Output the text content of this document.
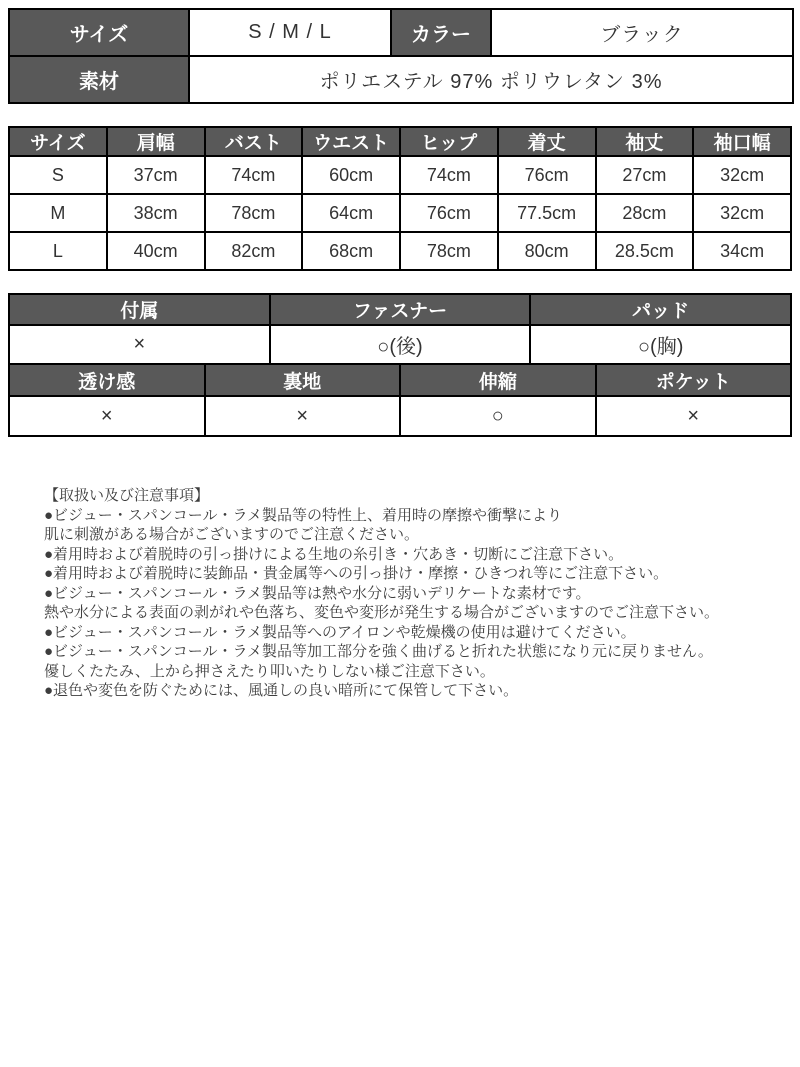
サイズ	S / M / L	カラー	ブラック
素材	ポリエステル 97% ポリウレタン 3%		
サイズ	肩幅	バスト	ウエスト	ヒップ	着丈	袖丈	袖口幅
S	37cm	74cm	60cm	74cm	76cm	27cm	32cm
M	38cm	78cm	64cm	76cm	77.5cm	28cm	32cm
L	40cm	82cm	68cm	78cm	80cm	28.5cm	34cm
付属	ファスナー	パッド
×	○(後)	○(胸)
透け感	裏地	伸縮	ポケット
×	×	○	×
【取扱い及び注意事項】
●ビジュー・スパンコール・ラメ製品等の特性上、着用時の摩擦や衝撃により
肌に刺激がある場合がございますのでご注意ください。
●着用時および着脱時の引っ掛けによる生地の糸引き・穴あき・切断にご注意下さい。
●着用時および着脱時に装飾品・貴金属等への引っ掛け・摩擦・ひきつれ等にご注意下さい。
●ビジュー・スパンコール・ラメ製品等は熱や水分に弱いデリケートな素材です。
熱や水分による表面の剥がれや色落ち、変色や変形が発生する場合がございますのでご注意下さい。
●ビジュー・スパンコール・ラメ製品等へのアイロンや乾燥機の使用は避けてください。
●ビジュー・スパンコール・ラメ製品等加工部分を強く曲げると折れた状態になり元に戻りません。
優しくたたみ、上から押さえたり叩いたりしない様ご注意下さい。
●退色や変色を防ぐためには、風通しの良い暗所にて保管して下さい。
